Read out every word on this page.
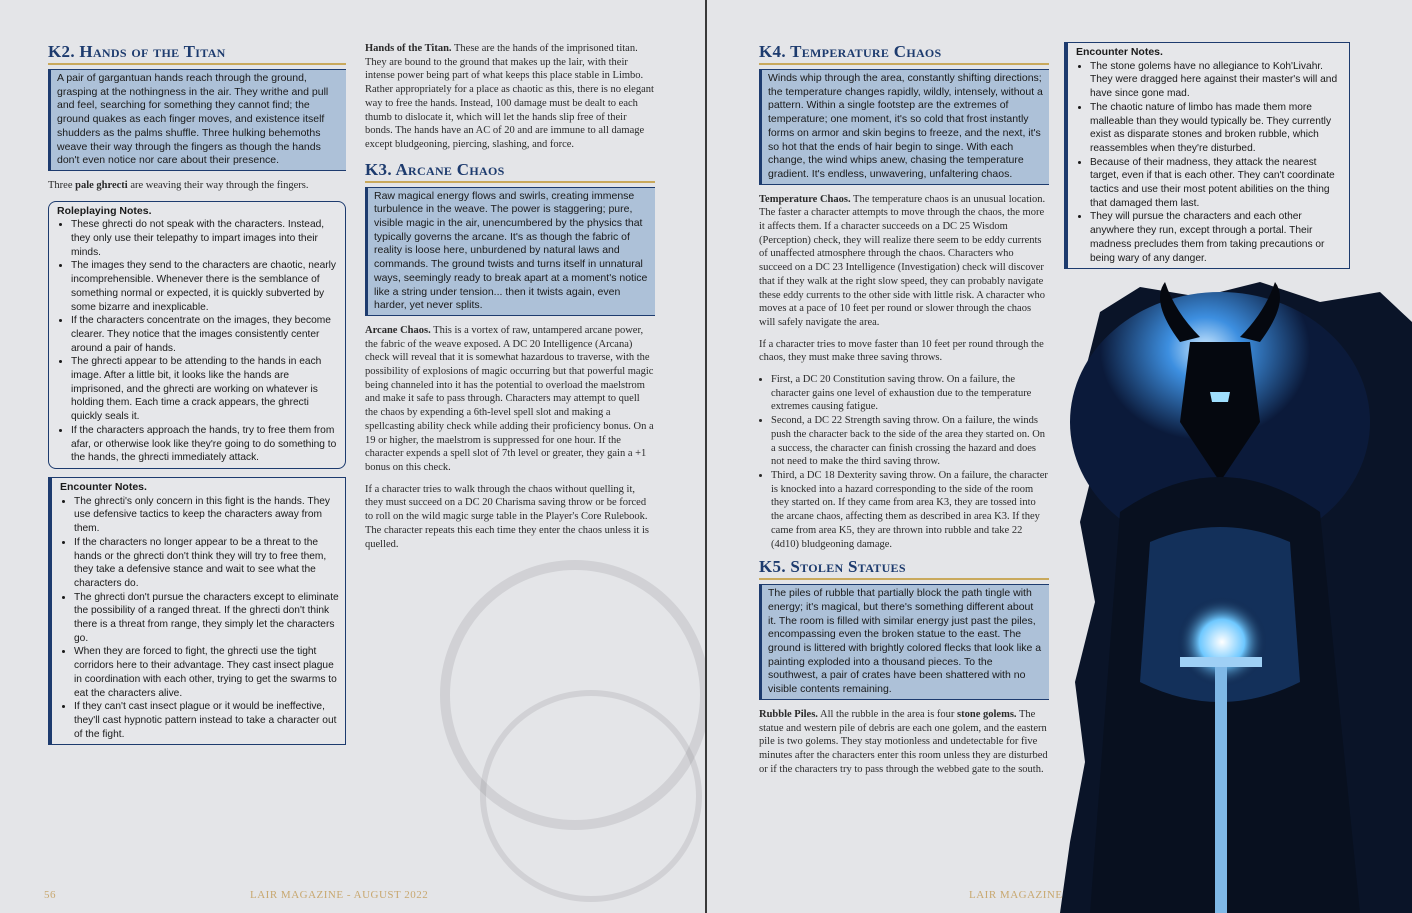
K2. Hands of the Titan
A pair of gargantuan hands reach through the ground, grasping at the nothingness in the air. They writhe and pull and feel, searching for something they cannot find; the ground quakes as each finger moves, and existence itself shudders as the palms shuffle. Three hulking behemoths weave their way through the fingers as though the hands don't even notice nor care about their presence.

Three pale ghrecti are weaving their way through the fingers.

Roleplaying Notes.
• These ghrecti do not speak with the characters. Instead, they only use their telepathy to impart images into their minds.
• The images they send to the characters are chaotic, nearly incomprehensible. Whenever there is the semblance of something normal or expected, it is quickly subverted by some bizarre and inexplicable.
• If the characters concentrate on the images, they become clearer. They notice that the images consistently center around a pair of hands.
• The ghrecti appear to be attending to the hands in each image. After a little bit, it looks like the hands are imprisoned, and the ghrecti are working on whatever is holding them. Each time a crack appears, the ghrecti quickly seals it.
• If the characters approach the hands, try to free them from afar, or otherwise look like they're going to do something to the hands, the ghrecti immediately attack.
Encounter Notes.
• The ghrecti's only concern in this fight is the hands. They use defensive tactics to keep the characters away from them.
• If the characters no longer appear to be a threat to the hands or the ghrecti don't think they will try to free them, they take a defensive stance and wait to see what the characters do.
• The ghrecti don't pursue the characters except to eliminate the possibility of a ranged threat. If the ghrecti don't think there is a threat from range, they simply let the characters go.
• When they are forced to fight, the ghrecti use the tight corridors here to their advantage. They cast insect plague in coordination with each other, trying to get the swarms to eat the characters alive.
• If they can't cast insect plague or it would be ineffective, they'll cast hypnotic pattern instead to take a character out of the fight.

Hands of the Titan. These are the hands of the imprisoned titan. They are bound to the ground that makes up the lair, with their intense power being part of what keeps this place stable in Limbo. Rather appropriately for a place as chaotic as this, there is no elegant way to free the hands. Instead, 100 damage must be dealt to each thumb to dislocate it, which will let the hands slip free of their bonds. The hands have an AC of 20 and are immune to all damage except bludgeoning, piercing, slashing, and force.

K3. Arcane Chaos
Raw magical energy flows and swirls, creating immense turbulence in the weave. The power is staggering; pure, visible magic in the air, unencumbered by the physics that typically governs the arcane. It's as though the fabric of reality is loose here, unburdened by natural laws and commands. The ground twists and turns itself in unnatural ways, seemingly ready to break apart at a moment's notice like a string under tension... then it twists again, even harder, yet never splits.

Arcane Chaos. This is a vortex of raw, untampered arcane power, the fabric of the weave exposed. A DC 20 Intelligence (Arcana) check will reveal that it is somewhat hazardous to traverse, with the possibility of explosions of magic occurring but that powerful magic being channeled into it has the potential to overload the maelstrom and make it safe to pass through. Characters may attempt to quell the chaos by expending a 6th-level spell slot and making a spellcasting ability check while adding their proficiency bonus. On a 19 or higher, the maelstrom is suppressed for one hour. If the character expends a spell slot of 7th level or greater, they gain a +1 bonus on this check.

If a character tries to walk through the chaos without quelling it, they must succeed on a DC 20 Charisma saving throw or be forced to roll on the wild magic surge table in the Player's Core Rulebook. The character repeats this each time they enter the chaos unless it is quelled.

56	LAIR MAGAZINE - AUGUST 2022
K4. Temperature Chaos
Winds whip through the area, constantly shifting directions; the temperature changes rapidly, wildly, intensely, without a pattern. Within a single footstep are the extremes of temperature; one moment, it's so cold that frost instantly forms on armor and skin begins to freeze, and the next, it's so hot that the ends of hair begin to singe. With each change, the wind whips anew, chasing the temperature gradient. It's endless, unwavering, unfaltering chaos.

Temperature Chaos. The temperature chaos is an unusual location. The faster a character attempts to move through the chaos, the more it affects them. If a character succeeds on a DC 25 Wisdom (Perception) check, they will realize there seem to be eddy currents of unaffected atmosphere through the chaos. Characters who succeed on a DC 23 Intelligence (Investigation) check will discover that if they walk at the right slow speed, they can probably navigate these eddy currents to the other side with little risk. A character who moves at a pace of 10 feet per round or slower through the chaos will safely navigate the area.

If a character tries to move faster than 10 feet per round through the chaos, they must make three saving throws.

• First, a DC 20 Constitution saving throw. On a failure, the character gains one level of exhaustion due to the temperature extremes causing fatigue.
• Second, a DC 22 Strength saving throw. On a failure, the winds push the character back to the side of the area they started on. On a success, the character can finish crossing the hazard and does not need to make the third saving throw.
• Third, a DC 18 Dexterity saving throw. On a failure, the character is knocked into a hazard corresponding to the side of the room they started on. If they came from area K3, they are tossed into the arcane chaos, affecting them as described in area K3. If they came from area K5, they are thrown into rubble and take 22 (4d10) bludgeoning damage.
K5. Stolen Statues
The piles of rubble that partially block the path tingle with energy; it's magical, but there's something different about it. The room is filled with similar energy just past the piles, encompassing even the broken statue to the east. The ground is littered with brightly colored flecks that look like a painting exploded into a thousand pieces. To the southwest, a pair of crates have been shattered with no visible contents remaining.

Rubble Piles. All the rubble in the area is four stone golems. The statue and western pile of debris are each one golem, and the eastern pile is two golems. They stay motionless and undetectable for five minutes after the characters enter this room unless they are disturbed or if the characters try to pass through the webbed gate to the south.

Encounter Notes.
• The stone golems have no allegiance to Koh'Livahr. They were dragged here against their master's will and have since gone mad.
• The chaotic nature of limbo has made them more malleable than they would typically be. They currently exist as disparate stones and broken rubble, which reassembles when they're disturbed.
• Because of their madness, they attack the nearest target, even if that is each other. They can't coordinate tactics and use their most potent abilities on the thing that damaged them last.
• They will pursue the characters and each other anywhere they run, except through a portal. Their madness precludes them from taking precautions or being wary of any danger.
LAIR MAGAZINE
